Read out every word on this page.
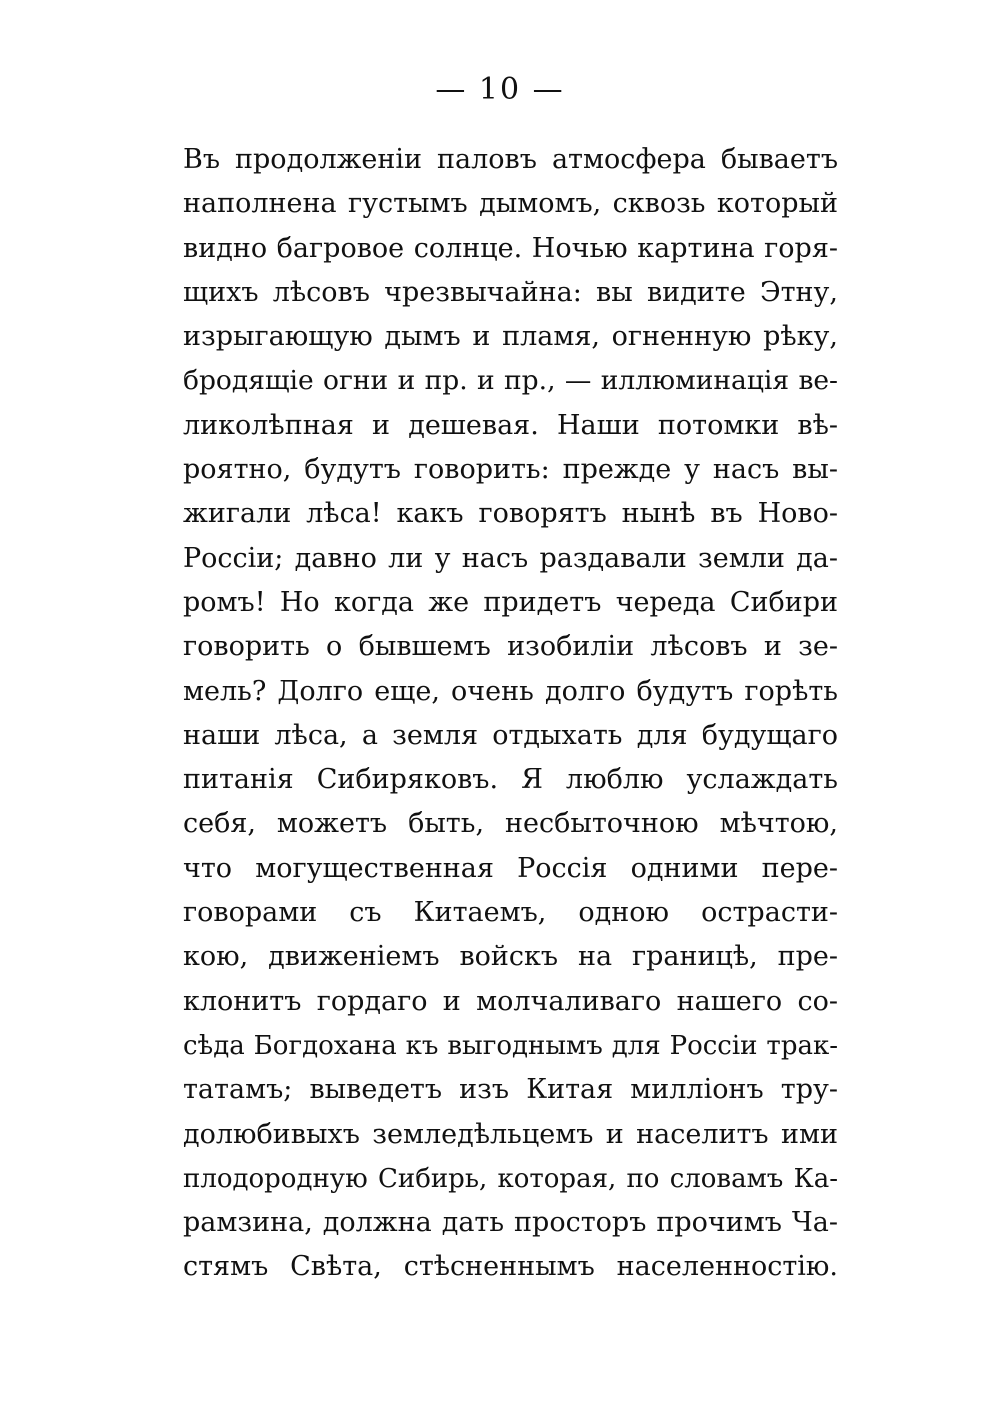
— 10 —
Въ продолженіи паловъ атмосфера бываетъ
наполнена густымъ дымомъ, сквозь который
видно багровое солнце. Ночью картина горя-
щихъ лѣсовъ чрезвычайна: вы видите Этну,
изрыгающую дымъ и пламя, огненную рѣку,
бродящіе огни и пр. и пр., — иллюминація ве-
ликолѣпная и дешевая. Наши потомки вѣ-
роятно, будутъ говорить: прежде у насъ вы-
жигали лѣса! какъ говорятъ нынѣ въ Ново-
Россіи; давно ли у насъ раздавали земли да-
ромъ! Но когда же придетъ череда Сибири
говорить о бывшемъ изобиліи лѣсовъ и зе-
мель? Долго еще, очень долго будутъ горѣть
наши лѣса, а земля отдыхать для будущаго
питанія Сибиряковъ. Я люблю услаждать
себя, можетъ быть, несбыточною мѣчтою,
что могущественная Россія одними пере-
говорами съ Китаемъ, одною острасти-
кою, движеніемъ войскъ на границѣ, пре-
клонитъ гордаго и молчаливаго нашего со-
сѣда Богдохана къ выгоднымъ для Россіи трак-
татамъ; выведетъ изъ Китая милліонъ тру-
долюбивыхъ земледѣльцемъ и населитъ ими
плодородную Сибирь, которая, по словамъ Ка-
рамзина, должна дать просторъ прочимъ Ча-
стямъ Свѣта, стѣсненнымъ населенностію.
